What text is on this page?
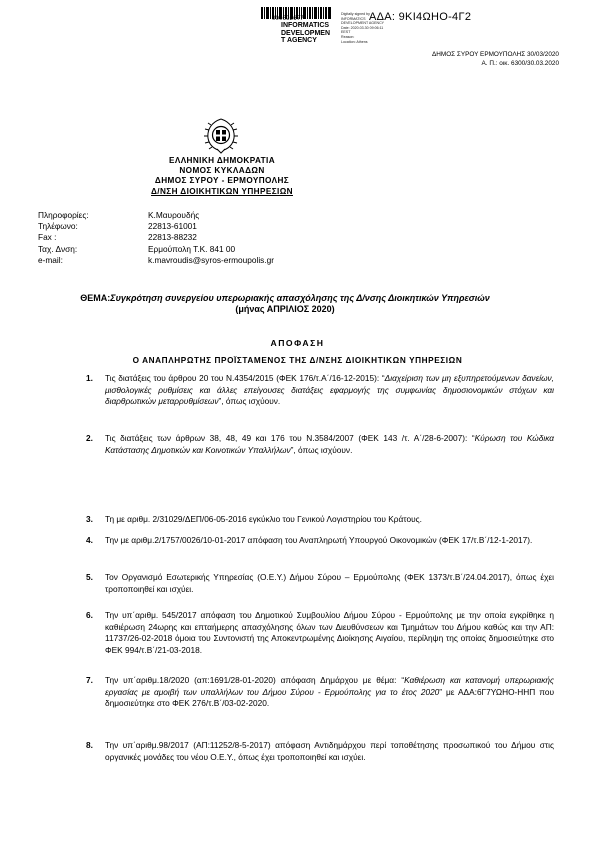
000692677
INFORMATICS
DEVELOPMEN
T AGENCY
Digitally signed by
INFORMATICS
DEVELOPMENT AGENCY
Date: 2020.03.30 09:06:11
EEST
Reason:
Location: Athens
ΑΔΑ: 9ΚΙ4ΩΗΟ-4Γ2
ΔΗΜΟΣ ΣΥΡΟΥ ΕΡΜΟΥΠΟΛΗΣ 30/03/2020
Α. Π.: οικ. 6300/30.03.2020
ΕΛΛΗΝΙΚΗ ΔΗΜΟΚΡΑΤΙΑ
ΝΟΜΟΣ ΚΥΚΛΑΔΩΝ
ΔΗΜΟΣ ΣΥΡΟΥ - ΕΡΜΟΥΠΟΛΗΣ
Δ/ΝΣΗ ΔΙΟΙΚΗΤΙΚΩΝ ΥΠΗΡΕΣΙΩΝ
Πληροφορίες:	Κ.Μαυρουδής
Τηλέφωνο:	22813-61001
Fax :	22813-88232
Ταχ. Δνση:	Ερμούπολη Τ.Κ. 841 00
e-mail:	k.mavroudis@syros-ermoupolis.gr
ΘΕΜΑ:Συγκρότηση συνεργείου υπερωριακής απασχόλησης της Δ/νσης Διοικητικών Υπηρεσιών (μήνας ΑΠΡΙΛΙΟΣ 2020)
ΑΠΟΦΑΣΗ
Ο ΑΝΑΠΛΗΡΩΤΗΣ ΠΡΟΪΣΤΑΜΕΝΟΣ ΤΗΣ Δ/ΝΣΗΣ ΔΙΟΙΚΗΤΙΚΩΝ ΥΠΗΡΕΣΙΩΝ
1.	Τις διατάξεις του άρθρου 20 του Ν.4354/2015 (ΦΕΚ 176/τ.Α΄/16-12-2015): “Διαχείριση των μη εξυπηρετούμενων δανείων, μισθολογικές ρυθμίσεις και άλλες επείγουσες διατάξεις εφαρμογής της συμφωνίας δημοσιονομικών στόχων και διαρθρωτικών μεταρρυθμίσεων”, όπως ισχύουν.
2.	Τις διατάξεις των άρθρων 38, 48, 49 και 176 του Ν.3584/2007 (ΦΕΚ 143 /τ. Α΄/28-6-2007): “Κύρωση του Κώδικα Κατάστασης Δημοτικών και Κοινοτικών Υπαλλήλων”, όπως ισχύουν.
3.	Τη με αριθμ. 2/31029/ΔΕΠ/06-05-2016 εγκύκλιο του Γενικού Λογιστηρίου του Κράτους.
4.	Την με αριθμ.2/1757/0026/10-01-2017 απόφαση του Αναπληρωτή Υπουργού Οικονομικών (ΦΕΚ 17/τ.Β΄/12-1-2017).
5.	Τον Οργανισμό Εσωτερικής Υπηρεσίας (Ο.Ε.Υ.) Δήμου Σύρου – Ερμούπολης (ΦΕΚ 1373/τ.Β΄/24.04.2017), όπως έχει τροποποιηθεί και ισχύει.
6.	Την υπ΄αριθμ. 545/2017 απόφαση του Δημοτικού Συμβουλίου Δήμου Σύρου - Ερμούπολης με την οποία εγκρίθηκε η καθιέρωση 24ωρης και επταήμερης απασχόλησης όλων των Διευθύνσεων και Τμημάτων του Δήμου καθώς και την ΑΠ: 11737/26-02-2018 όμοια του Συντονιστή της Αποκεντρωμένης Διοίκησης Αιγαίου, περίληψη της οποίας δημοσιεύτηκε στο ΦΕΚ 994/τ.Β΄/21-03-2018.
7.	Την υπ΄αριθμ.18/2020 (απ:1691/28-01-2020) απόφαση Δημάρχου με θέμα: “Καθιέρωση και κατανομή υπερωριακής εργασίας με αμοιβή των υπαλλήλων του Δήμου Σύρου - Ερμούπολης για το έτος 2020” με ΑΔΑ:6Γ7ΥΩΗΟ-ΗΗΠ που δημοσιεύτηκε στο ΦΕΚ 276/τ.Β΄/03-02-2020.
8.	Την υπ΄αριθμ.98/2017 (ΑΠ:11252/8-5-2017) απόφαση Αντιδημάρχου περί τοποθέτησης προσωπικού του Δήμου στις οργανικές μονάδες του νέου Ο.Ε.Υ., όπως έχει τροποποιηθεί και ισχύει.
